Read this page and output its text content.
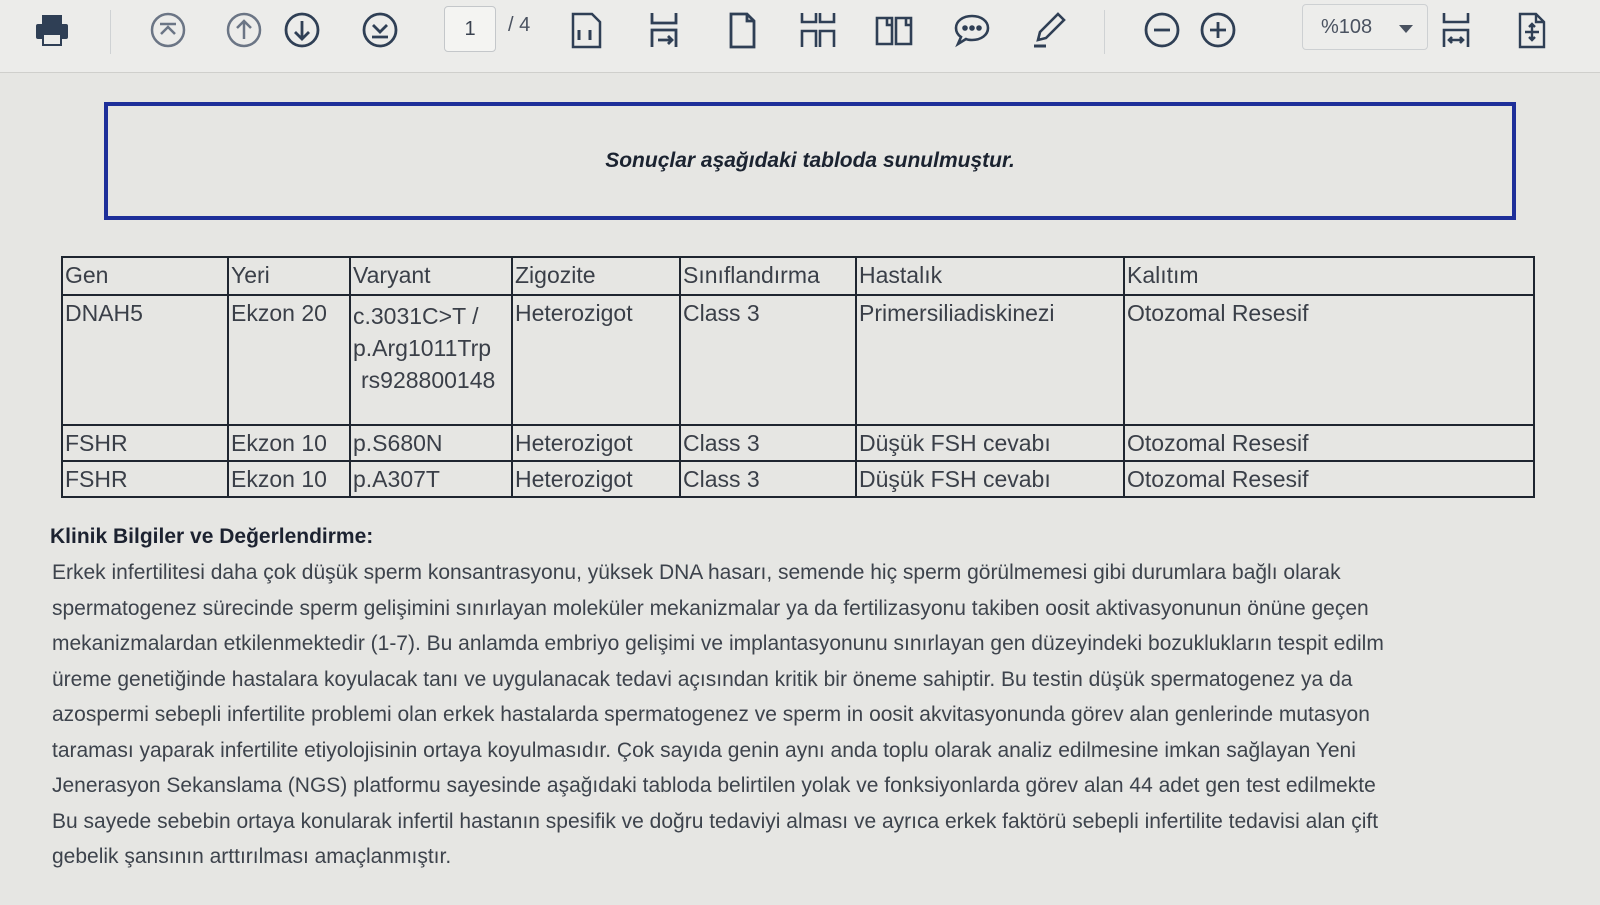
1
/ 4	%108
Sonuçlar aşağıdaki tabloda sunulmuştur.
Gen	Yeri	Varyant	Zigozite	Sınıflandırma	Hastalık	Kalıtım
DNAH5	Ekzon 20	c.3031C>T /
p.Arg1011Trp
rs928800148	Heterozigot	Class 3	Primersiliadiskinezi	Otozomal Resesif
FSHR	Ekzon 10	p.S680N	Heterozigot	Class 3	Düşük FSH cevabı	Otozomal Resesif
FSHR	Ekzon 10	p.A307T	Heterozigot	Class 3	Düşük FSH cevabı	Otozomal Resesif
Klinik Bilgiler ve Değerlendirme:
Erkek infertilitesi daha çok düşük sperm konsantrasyonu, yüksek DNA hasarı, semende hiç sperm görülmemesi gibi durumlara bağlı olarak
spermatogenez sürecinde sperm gelişimini sınırlayan moleküler mekanizmalar ya da fertilizasyonu takiben oosit aktivasyonunun önüne geçen
mekanizmalardan etkilenmektedir (1-7). Bu anlamda embriyo gelişimi ve implantasyonunu sınırlayan gen düzeyindeki bozuklukların tespit edilm
üreme genetiğinde hastalara koyulacak tanı ve uygulanacak tedavi açısından kritik bir öneme sahiptir. Bu testin düşük spermatogenez ya da
azospermi sebepli infertilite problemi olan erkek hastalarda spermatogenez ve sperm in oosit akvitasyonunda görev alan genlerinde mutasyon
taraması yaparak infertilite etiyolojisinin ortaya koyulmasıdır. Çok sayıda genin aynı anda toplu olarak analiz edilmesine imkan sağlayan Yeni
Jenerasyon Sekanslama (NGS) platformu sayesinde aşağıdaki tabloda belirtilen yolak ve fonksiyonlarda görev alan 44 adet gen test edilmekte
Bu sayede sebebin ortaya konularak infertil hastanın spesifik ve doğru tedaviyi alması ve ayrıca erkek faktörü sebepli infertilite tedavisi alan çift
gebelik şansının arttırılması amaçlanmıştır.
